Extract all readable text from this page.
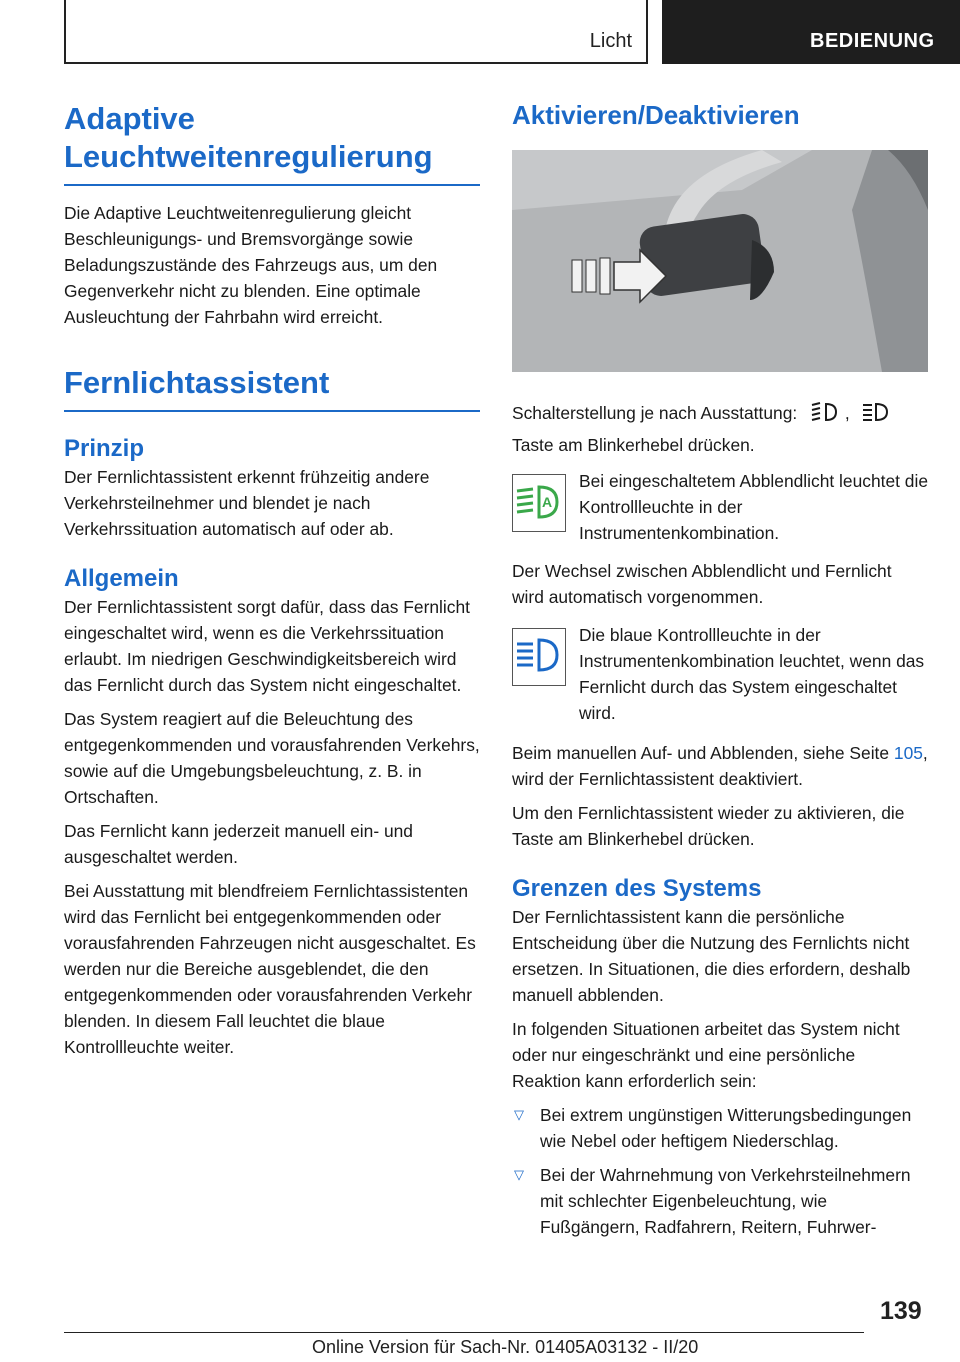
Licht	BEDIENUNG
Adaptive Leuchtweitenregulierung

Die Adaptive Leuchtweitenregulierung gleicht Beschleunigungs- und Bremsvorgänge sowie Beladungszustände des Fahrzeugs aus, um den Gegenverkehr nicht zu blenden. Eine optimale Ausleuchtung der Fahrbahn wird erreicht.

Fernlichtassistent
Prinzip

Der Fernlichtassistent erkennt frühzeitig andere Verkehrsteilnehmer und blendet je nach Verkehrssituation automatisch auf oder ab.

Allgemein

Der Fernlichtassistent sorgt dafür, dass das Fernlicht eingeschaltet wird, wenn es die Verkehrssituation erlaubt. Im niedrigen Geschwindigkeitsbereich wird das Fernlicht durch das System nicht eingeschaltet.

Das System reagiert auf die Beleuchtung des entgegenkommenden und vorausfahrenden Verkehrs, sowie auf die Umgebungsbeleuchtung, z. B. in Ortschaften.

Das Fernlicht kann jederzeit manuell ein- und ausgeschaltet werden.

Bei Ausstattung mit blendfreiem Fernlichtassistenten wird das Fernlicht bei entgegenkommenden oder vorausfahrenden Fahrzeugen nicht ausgeschaltet. Es werden nur die Bereiche ausgeblendet, die den entgegenkommenden oder vorausfahrenden Verkehr blenden. In diesem Fall leuchtet die blaue Kontrollleuchte weiter.

Aktivieren/Deaktivieren

Schalterstellung je nach Ausstattung:	,

Taste am Blinkerhebel drücken.

A

Bei eingeschaltetem Abblendlicht leuchtet die Kontrollleuchte in der Instrumentenkombination.

Der Wechsel zwischen Abblendlicht und Fernlicht wird automatisch vorgenommen.

Die blaue Kontrollleuchte in der Instrumentenkombination leuchtet, wenn das Fernlicht durch das System eingeschaltet wird.

Beim manuellen Auf- und Abblenden, siehe Seite 105, wird der Fernlichtassistent deaktiviert.

Um den Fernlichtassistent wieder zu aktivieren, die Taste am Blinkerhebel drücken.

Grenzen des Systems

Der Fernlichtassistent kann die persönliche Entscheidung über die Nutzung des Fernlichts nicht ersetzen. In Situationen, die dies erfordern, deshalb manuell abblenden.

In folgenden Situationen arbeitet das System nicht oder nur eingeschränkt und eine persönliche Reaktion kann erforderlich sein:

▽ Bei extrem ungünstigen Witterungsbedingungen wie Nebel oder heftigem Niederschlag.
▽ Bei der Wahrnehmung von Verkehrsteilnehmern mit schlechter Eigenbeleuchtung, wie Fußgängern, Radfahrern, Reitern, Fuhrwer-
139
Online Version für Sach-Nr. 01405A03132 - II/20
